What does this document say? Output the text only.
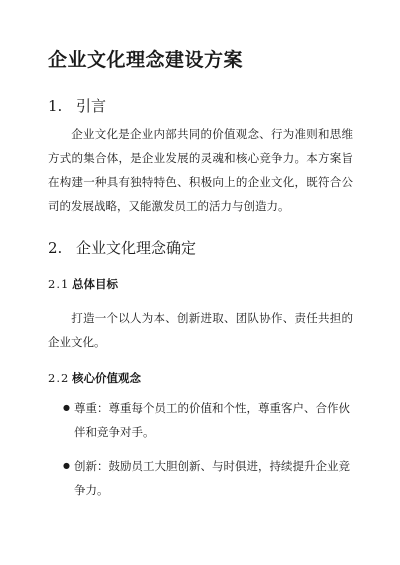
企业文化理念建设方案
1. 引言

企业文化是企业内部共同的价值观念、行为准则和思维方式的集合体，是企业发展的灵魂和核心竞争力。本方案旨在构建一种具有独特特色、积极向上的企业文化，既符合公司的发展战略，又能激发员工的活力与创造力。

2. 企业文化理念确定
2.1 总体目标

打造一个以人为本、创新进取、团队协作、责任共担的企业文化。

2.2 核心价值观念
● 尊重：尊重每个员工的价值和个性，尊重客户、合作伙伴和竞争对手。

● 创新：鼓励员工大胆创新、与时俱进，持续提升企业竞争力。
